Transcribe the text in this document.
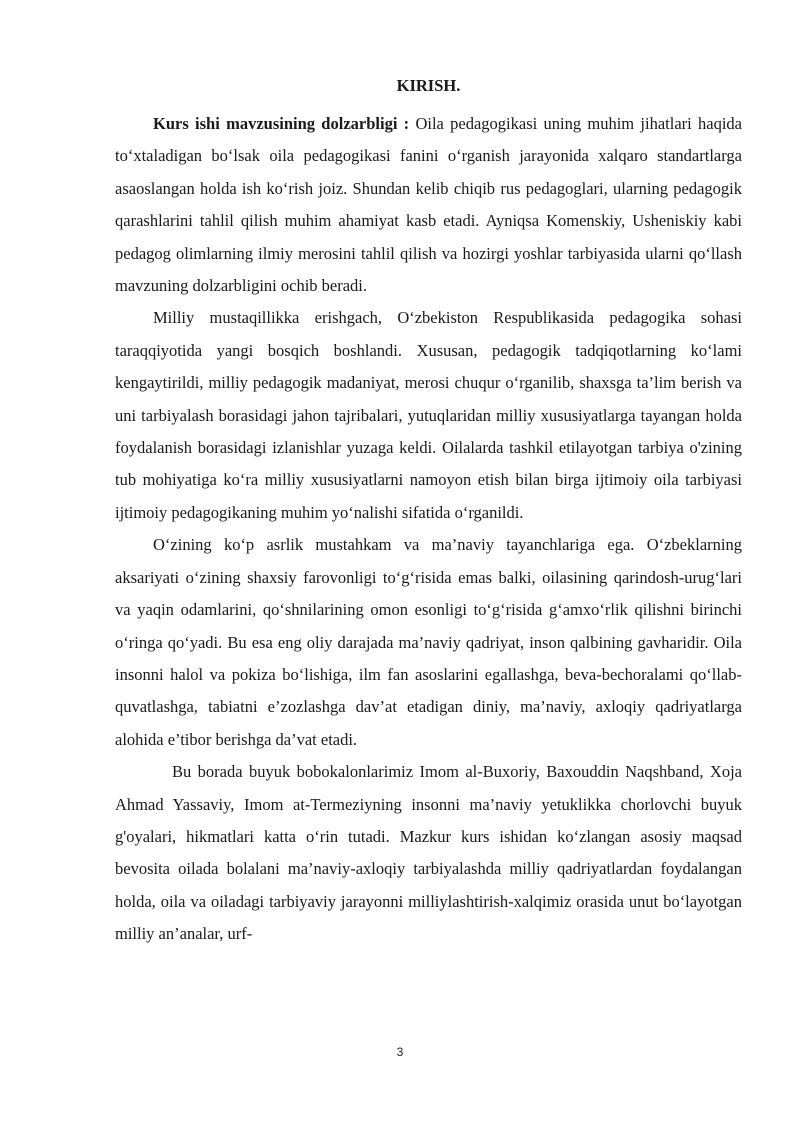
KIRISH.

Kurs ishi mavzusining dolzarbligi : Oila pedagogikasi uning muhim jihatlari haqida to‘xtaladigan bo‘lsak oila pedagogikasi fanini o‘rganish jarayonida xalqaro standartlarga asaoslangan holda ish ko‘rish joiz. Shundan kelib chiqib rus pedagoglari, ularning pedagogik qarashlarini tahlil qilish muhim ahamiyat kasb etadi. Ayniqsa Komenskiy, Usheniskiy kabi pedagog olimlarning ilmiy merosini tahlil qilish va hozirgi yoshlar tarbiyasida ularni qo‘llash mavzuning dolzarbligini ochib beradi.

Milliy mustaqillikka erishgach, O‘zbekiston Respublikasida pedagogika sohasi taraqqiyotida yangi bosqich boshlandi. Xususan, pedagogik tadqiqotlarning ko‘lami kengaytirildi, milliy pedagogik madaniyat, merosi chuqur o‘rganilib, shaxsga ta’lim berish va uni tarbiyalash borasidagi jahon tajribalari, yutuqlaridan milliy xususiyatlarga tayangan holda foydalanish borasidagi izlanishlar yuzaga keldi. Oilalarda tashkil etilayotgan tarbiya o'zining tub mohiyatiga ko‘ra milliy xususiyatlarni namoyon etish bilan birga ijtimoiy oila tarbiyasi ijtimoiy pedagogikaning muhim yo‘nalishi sifatida o‘rganildi.

O‘zining ko‘p asrlik mustahkam va ma’naviy tayanchlariga ega. O‘zbeklarning aksariyati o‘zining shaxsiy farovonligi to‘g‘risida emas balki, oilasining qarindosh-urug‘lari va yaqin odamlarini, qo‘shnilarining omon esonligi to‘g‘risida g‘amxo‘rlik qilishni birinchi o‘ringa qo‘yadi. Bu esa eng oliy darajada ma’naviy qadriyat, inson qalbining gavharidir. Oila insonni halol va pokiza bo‘lishiga, ilm fan asoslarini egallashga, beva-bechoralami qo‘llab-quvatlashga, tabiatni e’zozlashga dav’at etadigan diniy, ma’naviy, axloqiy qadriyatlarga alohida e’tibor berishga da’vat etadi.

Bu borada buyuk bobokalonlarimiz Imom al-Buxoriy, Baxouddin Naqshband, Xoja Ahmad Yassaviy, Imom at-Termeziyning insonni ma’naviy yetuklikka chorlovchi buyuk g'oyalari, hikmatlari katta o‘rin tutadi. Mazkur kurs ishidan ko‘zlangan asosiy maqsad bevosita oilada bolalani ma’naviy-axloqiy tarbiyalashda milliy qadriyatlardan foydalangan holda, oila va oiladagi tarbiyaviy jarayonni milliylashtirish-xalqimiz orasida unut bo‘layotgan milliy an’analar, urf-

3
